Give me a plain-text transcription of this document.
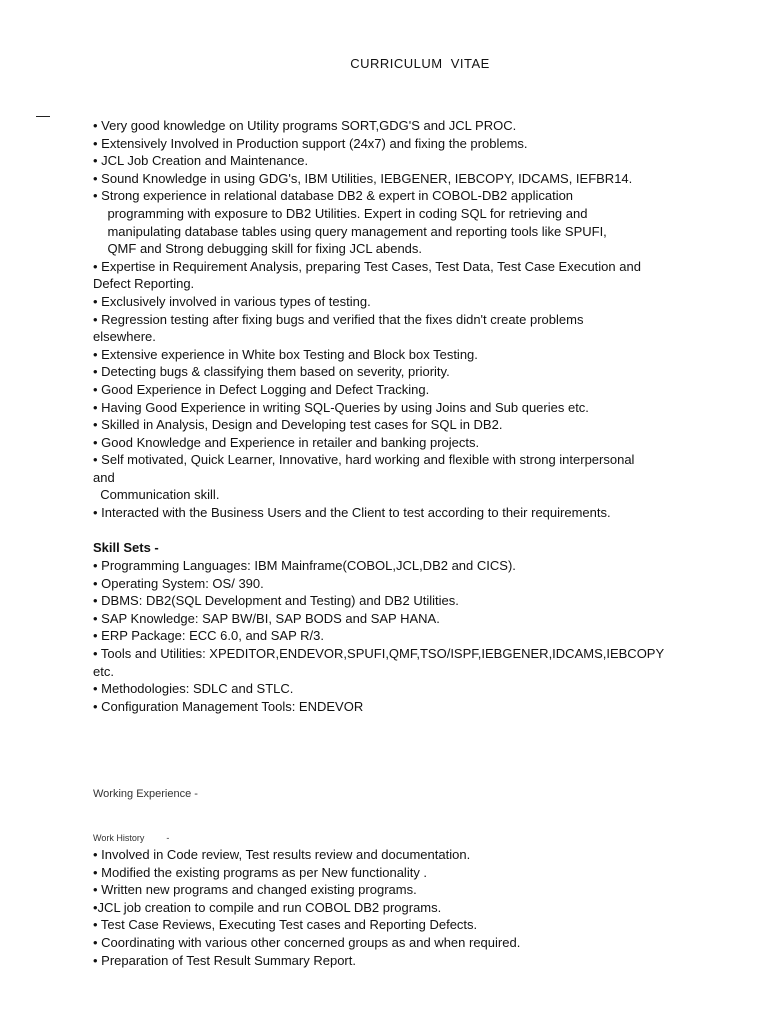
CURRICULUM VITAE
• Very good knowledge on Utility programs SORT,GDG'S and JCL PROC.
• Extensively Involved in Production support (24x7) and fixing the problems.
• JCL Job Creation and Maintenance.
• Sound Knowledge in using GDG's, IBM Utilities, IEBGENER, IEBCOPY, IDCAMS, IEFBR14.
• Strong experience in relational database DB2 & expert in COBOL-DB2 application
programming with exposure to DB2 Utilities. Expert in coding SQL for retrieving and
manipulating database tables using query management and reporting tools like SPUFI,
QMF and Strong debugging skill for fixing JCL abends.
• Expertise in Requirement Analysis, preparing Test Cases, Test Data, Test Case Execution and
Defect Reporting.
• Exclusively involved in various types of testing.
• Regression testing after fixing bugs and verified that the fixes didn't create problems
elsewhere.
• Extensive experience in White box Testing and Block box Testing.
• Detecting bugs & classifying them based on severity, priority.
• Good Experience in Defect Logging and Defect Tracking.
• Having Good Experience in writing SQL-Queries by using Joins and Sub queries etc.
• Skilled in Analysis, Design and Developing test cases for SQL in DB2.
• Good Knowledge and Experience in retailer and banking projects.
• Self motivated, Quick Learner, Innovative, hard working and flexible with strong interpersonal
and
Communication skill.
• Interacted with the Business Users and the Client to test according to their requirements.
Skill Sets -
• Programming Languages: IBM Mainframe(COBOL,JCL,DB2 and CICS).
• Operating System: OS/ 390.
• DBMS: DB2(SQL Development and Testing) and DB2 Utilities.
• SAP Knowledge: SAP BW/BI, SAP BODS and SAP HANA.
• ERP Package: ECC 6.0, and SAP R/3.
• Tools and Utilities: XPEDITOR,ENDEVOR,SPUFI,QMF,TSO/ISPF,IEBGENER,IDCAMS,IEBCOPY
etc.
• Methodologies: SDLC and STLC.
• Configuration Management Tools: ENDEVOR
Working Experience -
Work History -
• Involved in Code review, Test results review and documentation.
• Modified the existing programs as per New functionality .
• Written new programs and changed existing programs.
•JCL job creation to compile and run COBOL DB2 programs.
• Test Case Reviews, Executing Test cases and Reporting Defects.
• Coordinating with various other concerned groups as and when required.
• Preparation of Test Result Summary Report.
